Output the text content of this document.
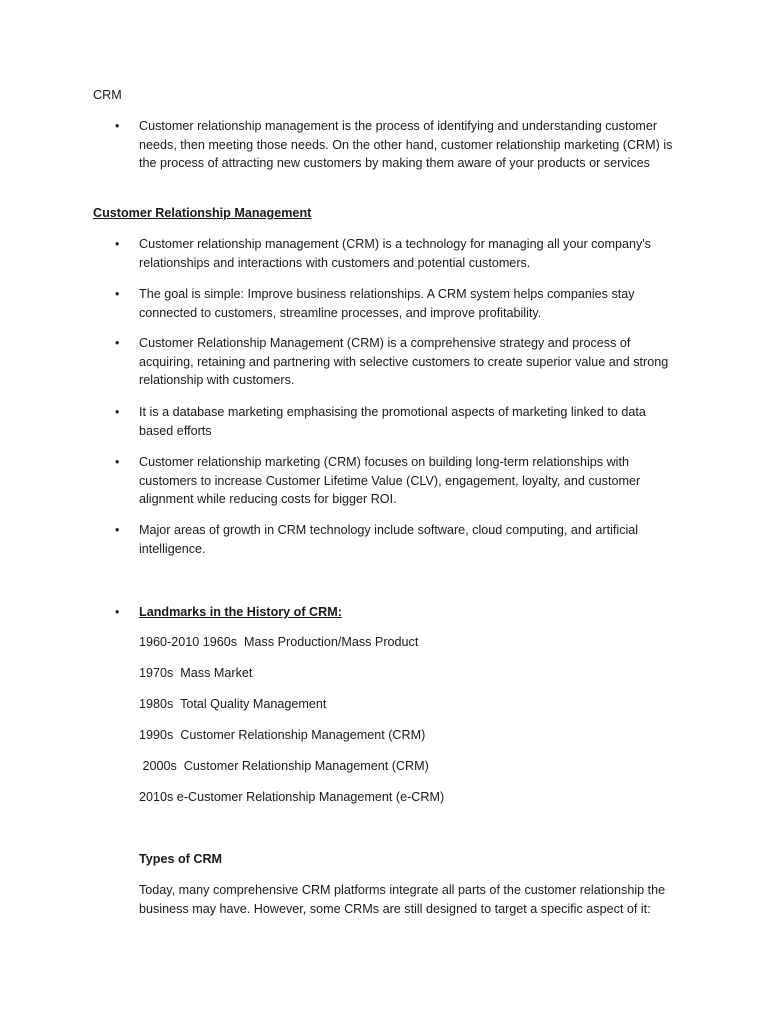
CRM

•	Customer relationship management is the process of identifying and understanding customer needs, then meeting those needs. On the other hand, customer relationship marketing (CRM) is the process of attracting new customers by making them aware of your products or services

Customer Relationship Management

•	Customer relationship management (CRM) is a technology for managing all your company's relationships and interactions with customers and potential customers.
•	The goal is simple: Improve business relationships. A CRM system helps companies stay connected to customers, streamline processes, and improve profitability.
•	Customer Relationship Management (CRM) is a comprehensive strategy and process of acquiring, retaining and partnering with selective customers to create superior value and strong relationship with customers.
•	It is a database marketing emphasising the promotional aspects of marketing linked to data based efforts
•	Customer relationship marketing (CRM) focuses on building long-term relationships with customers to increase Customer Lifetime Value (CLV), engagement, loyalty, and customer alignment while reducing costs for bigger ROI.
•	Major areas of growth in CRM technology include software, cloud computing, and artificial intelligence.
•	Landmarks in the History of CRM:
1960-2010 1960s  Mass Production/Mass Product
1970s  Mass Market
1980s  Total Quality Management
1990s  Customer Relationship Management (CRM)
2000s  Customer Relationship Management (CRM)
2010s e-Customer Relationship Management (e-CRM)
Types of CRM
Today, many comprehensive CRM platforms integrate all parts of the customer relationship the business may have. However, some CRMs are still designed to target a specific aspect of it:
